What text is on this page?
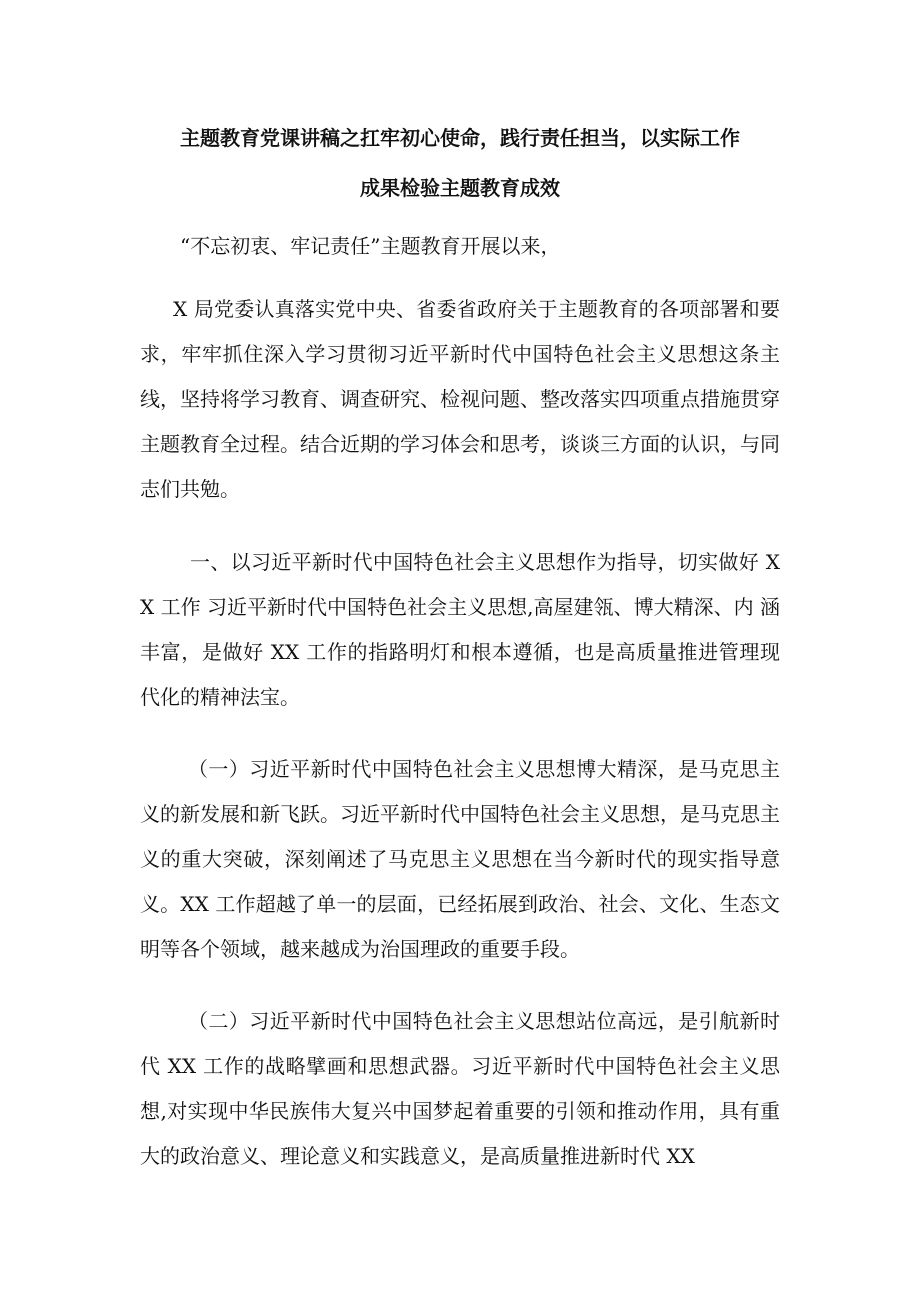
主题教育党课讲稿之扛牢初心使命，践行责任担当，以实际工作
成果检验主题教育成效

“不忘初衷、牢记责任”主题教育开展以来，

X 局党委认真落实党中央、省委省政府关于主题教育的各项部署和要求，牢牢抓住深入学习贯彻习近平新时代中国特色社会主义思想这条主线，坚持将学习教育、调查研究、检视问题、整改落实四项重点措施贯穿主题教育全过程。结合近期的学习体会和思考，谈谈三方面的认识，与同志们共勉。

一、以习近平新时代中国特色社会主义思想作为指导，切实做好 XX 工作 习近平新时代中国特色社会主义思想,高屋建瓴、博大精深、内 涵丰富，是做好 XX 工作的指路明灯和根本遵循，也是高质量推进管理现代化的精神法宝。

（一）习近平新时代中国特色社会主义思想博大精深，是马克思主义的新发展和新飞跃。习近平新时代中国特色社会主义思想，是马克思主义的重大突破，深刻阐述了马克思主义思想在当今新时代的现实指导意义。XX 工作超越了单一的层面，已经拓展到政治、社会、文化、生态文明等各个领域，越来越成为治国理政的重要手段。

（二）习近平新时代中国特色社会主义思想站位高远，是引航新时代 XX 工作的战略擘画和思想武器。习近平新时代中国特色社会主义思想,对实现中华民族伟大复兴中国梦起着重要的引领和推动作用，具有重大的政治意义、理论意义和实践意义，是高质量推进新时代 XX
